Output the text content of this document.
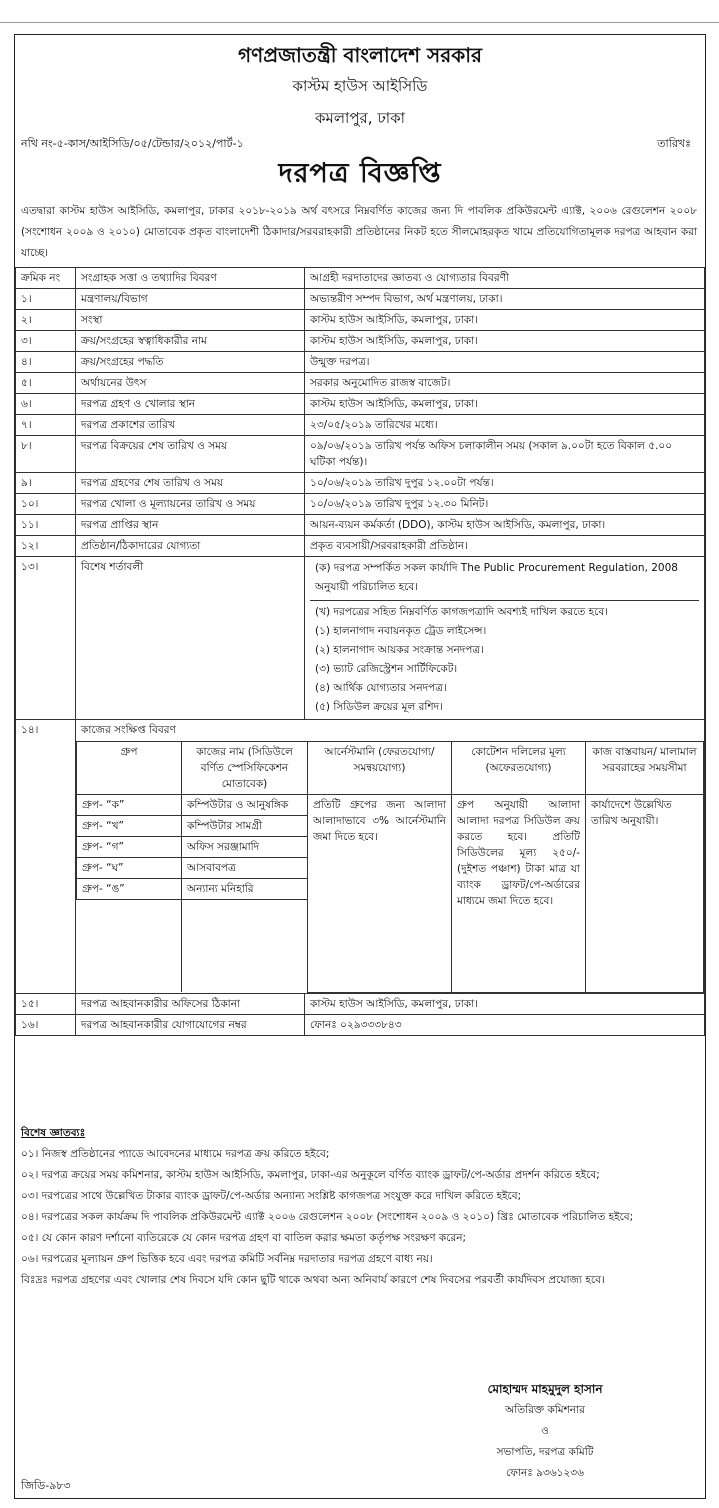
গণপ্রজাতন্ত্রী বাংলাদেশ সরকার
কাস্টম হাউস আইসিডি
কমলাপুর, ঢাকা
নথি নং-৫-কাস/আইসিডি/০৫/টেন্ডার/২০১২/পার্ট-১	তারিখঃ
দরপত্র বিজ্ঞপ্তি
এতদ্বারা কাস্টম হাউস আইসিডি, কমলাপুর, ঢাকার ২০১৮-২০১৯ অর্থ বৎসরে নিম্নবর্ণিত কাজের জন্য দি পাবলিক প্রকিউরমেন্ট এ্যাক্ট, ২০০৬ রেগুলেশন ২০০৮ (সংশোধন ২০০৯ ও ২০১০) মোতাবেক প্রকৃত বাংলাদেশী ঠিকাদার/সরবরাহকারী প্রতিষ্ঠানের নিকট হতে সীলমোহরকৃত খামে প্রতিযোগিতামূলক দরপত্র আহবান করা যাচ্ছে।
ক্রমিক নং	সংগ্রাহক সত্তা ও তথ্যাদির বিবরণ	আগ্রহী দরদাতাদের জ্ঞাতব্য ও যোগ্যতার বিবরণী
১।	মন্ত্রণালয়/বিভাগ	অভ্যন্তরীণ সম্পদ বিভাগ, অর্থ মন্ত্রণালয়, ঢাকা।
২।	সংস্থা	কাস্টম হাউস আইসিডি, কমলাপুর, ঢাকা।
৩।	ক্রয়/সংগ্রহের স্বত্বাধিকারীর নাম	কাস্টম হাউস আইসিডি, কমলাপুর, ঢাকা।
৪।	ক্রয়/সংগ্রহের পদ্ধতি	উন্মুক্ত দরপত্র।
৫।	অর্থায়নের উৎস	সরকার অনুমোদিত রাজস্ব বাজেট।
৬।	দরপত্র গ্রহণ ও খোলার স্থান	কাস্টম হাউস আইসিডি, কমলাপুর, ঢাকা।
৭।	দরপত্র প্রকাশের তারিখ	২৩/০৫/২০১৯ তারিখের মধ্যে।
৮।	দরপত্র বিক্রয়ের শেষ তারিখ ও সময়	০৯/০৬/২০১৯ তারিখ পর্যন্ত অফিস চলাকালীন সময় (সকাল ৯.০০টা হতে বিকাল ৫.০০ ঘটিকা পর্যন্ত)।
৯।	দরপত্র গ্রহণের শেষ তারিখ ও সময়	১০/০৬/২০১৯ তারিখ দুপুর ১২.০০টা পর্যন্ত।
১০।	দরপত্র খোলা ও মূল্যায়নের তারিখ ও সময়	১০/০৬/২০১৯ তারিখ দুপুর ১২.৩০ মিনিট।
১১।	দরপত্র প্রাপ্তির স্থান	আয়ন-ব্যয়ন কর্মকর্তা (DDO), কাস্টম হাউস আইসিডি, কমলাপুর, ঢাকা।
১২।	প্রতিষ্ঠান/ঠিকাদারের যোগ্যতা	প্রকৃত ব্যবসায়ী/সরবরাহকারী প্রতিষ্ঠান।
১৩।	বিশেষ শর্তাবলী	(ক) দরপত্র সম্পর্কিত সকল কার্যাদি The Public Procurement Regulation, 2008 অনুযায়ী পরিচালিত হবে।
(খ) দরপত্রের সহিত নিম্নবর্ণিত কাগজপত্রাদি অবশ্যই দাখিল করতে হবে।
(১) হালনাগাদ নবায়নকৃত ট্রেড লাইসেন্স।
(২) হালনাগাদ আয়কর সংক্রান্ত সনদপত্র।
(৩) ভ্যাট রেজিস্ট্রেশন সার্টিফিকেট।
(৪) আর্থিক যোগ্যতার সনদপত্র।
(৫) সিডিউল ক্রয়ের মূল রশিদ।

১৪।	কাজের সংক্ষিপ্ত বিবরণ
গ্রুপ	কাজের নাম (সিডিউলে বর্ণিত স্পেসিফিকেশন মোতাবেক)	আর্নেস্টমানি (ফেরতযোগ্য/ সমন্বয়যোগ্য)	কোটেশন দলিলের মূল্য (অফেরতযোগ্য)	কাজ বাস্তবায়ন/ মালামাল সরবরাহের সময়সীমা
গ্রুপ- “ক”	কম্পিউটার ও আনুষঙ্গিক	প্রতিটি গ্রুপের জন্য আলাদা আলাদাভাবে ৩% আর্নেস্টমানি জমা দিতে হবে।	গ্রুপ অনুযায়ী আলাদা আলাদা দরপত্র সিডিউল ক্রয় করতে হবে। প্রতিটি সিডিউলের মূল্য ২৫০/- (দুইশত পঞ্চাশ) টাকা মাত্র যা ব্যাংক ড্রাফট/পে-অর্ডারের মাধ্যমে জমা দিতে হবে।	কার্যাদেশে উল্লেখিত তারিখ অনুযায়ী।
গ্রুপ- “খ”	কম্পিউটার সামগ্রী
গ্রুপ- “গ”	অফিস সরঞ্জামাদি
গ্রুপ- “ঘ”	আসবাবপত্র
গ্রুপ- “ঙ”	অন্যান্য মনিহারি

১৫।	দরপত্র আহবানকারীর অফিসের ঠিকানা	কাস্টম হাউস আইসিডি, কমলাপুর, ঢাকা।
১৬।	দরপত্র আহবানকারীর যোগাযোগের নম্বর	ফোনঃ ০২৯৩৩৩৮৪৩
বিশেষ জ্ঞাতব্যঃ
০১। নিজস্ব প্রতিষ্ঠানের প্যাডে আবেদনের মাধ্যমে দরপত্র ক্রয় করিতে হইবে;
০২। দরপত্র ক্রয়ের সময় কমিশনার, কাস্টম হাউস আইসিডি, কমলাপুর, ঢাকা-এর অনুকূলে বর্ণিত ব্যাংক ড্রাফট/পে-অর্ডার প্রদর্শন করিতে হইবে;
০৩। দরপত্রের সাথে উল্লেখিত টাকার ব্যাংক ড্রাফট/পে-অর্ডার অন্যান্য সংশ্লিষ্ট কাগজপত্র সংযুক্ত করে দাখিল করিতে হইবে;
০৪। দরপত্রের সকল কার্যক্রম দি পাবলিক প্রকিউরমেন্ট এ্যাক্ট ২০০৬ রেগুলেশন ২০০৮ (সংশোধন ২০০৯ ও ২০১০) খ্রিঃ মোতাবেক পরিচালিত হইবে;
০৫। যে কোন কারণ দর্শানো ব্যতিরেকে যে কোন দরপত্র গ্রহণ বা বাতিল করার ক্ষমতা কর্তৃপক্ষ সংরক্ষণ করেন;
০৬। দরপত্রের মূল্যায়ন গ্রুপ ভিত্তিক হবে এবং দরপত্র কমিটি সর্বনিম্ন দরদাতার দরপত্র গ্রহণে বাধ্য নয়।
বিঃদ্রঃ দরপত্র গ্রহণের এবং খোলার শেষ দিবসে যদি কোন ছুটি থাকে অথবা অন্য অনিবার্য কারণে শেষ দিবসের পরবর্তী কার্যদিবস প্রযোজ্য হবে।
মোহাম্মদ মাহমুদুল হাসান
অতিরিক্ত কমিশনার
ও
সভাপতি, দরপত্র কমিটি
ফোনঃ ৯৩৬১২৩৬
জিডি-৯৮৩
